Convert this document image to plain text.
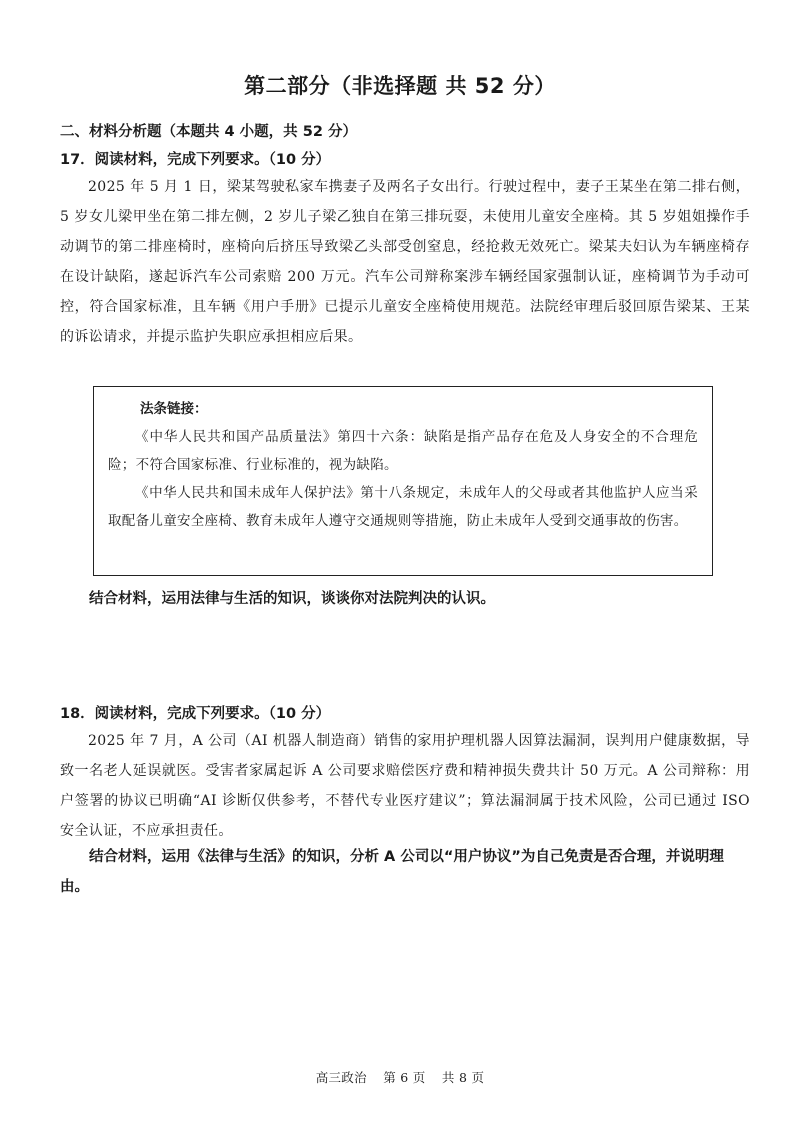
第二部分（非选择题 共 52 分）
二、材料分析题（本题共 4 小题，共 52 分）
17．阅读材料，完成下列要求。（10 分）
2025 年 5 月 1 日，梁某驾驶私家车携妻子及两名子女出行。行驶过程中，妻子王某坐在第二排右侧，5 岁女儿梁甲坐在第二排左侧，2 岁儿子梁乙独自在第三排玩耍，未使用儿童安全座椅。其 5 岁姐姐操作手动调节的第二排座椅时，座椅向后挤压导致梁乙头部受创窒息，经抢救无效死亡。梁某夫妇认为车辆座椅存在设计缺陷，遂起诉汽车公司索赔 200 万元。汽车公司辩称案涉车辆经国家强制认证，座椅调节为手动可控，符合国家标准，且车辆《用户手册》已提示儿童安全座椅使用规范。法院经审理后驳回原告梁某、王某的诉讼请求，并提示监护失职应承担相应后果。
法条链接：

《中华人民共和国产品质量法》第四十六条：缺陷是指产品存在危及人身安全的不合理危险；不符合国家标准、行业标准的，视为缺陷。

《中华人民共和国未成年人保护法》第十八条规定，未成年人的父母或者其他监护人应当采取配备儿童安全座椅、教育未成年人遵守交通规则等措施，防止未成年人受到交通事故的伤害。

结合材料，运用法律与生活的知识，谈谈你对法院判决的认识。
18．阅读材料，完成下列要求。（10 分）
2025 年 7 月，A 公司（AI 机器人制造商）销售的家用护理机器人因算法漏洞，误判用户健康数据，导致一名老人延误就医。受害者家属起诉 A 公司要求赔偿医疗费和精神损失费共计 50 万元。A 公司辩称：用户签署的协议已明确“AI 诊断仅供参考，不替代专业医疗建议”；算法漏洞属于技术风险，公司已通过 ISO 安全认证，不应承担责任。
结合材料，运用《法律与生活》的知识，分析 A 公司以“用户协议”为自己免责是否合理，并说明理由。
高三政治 第 6 页 共 8 页
